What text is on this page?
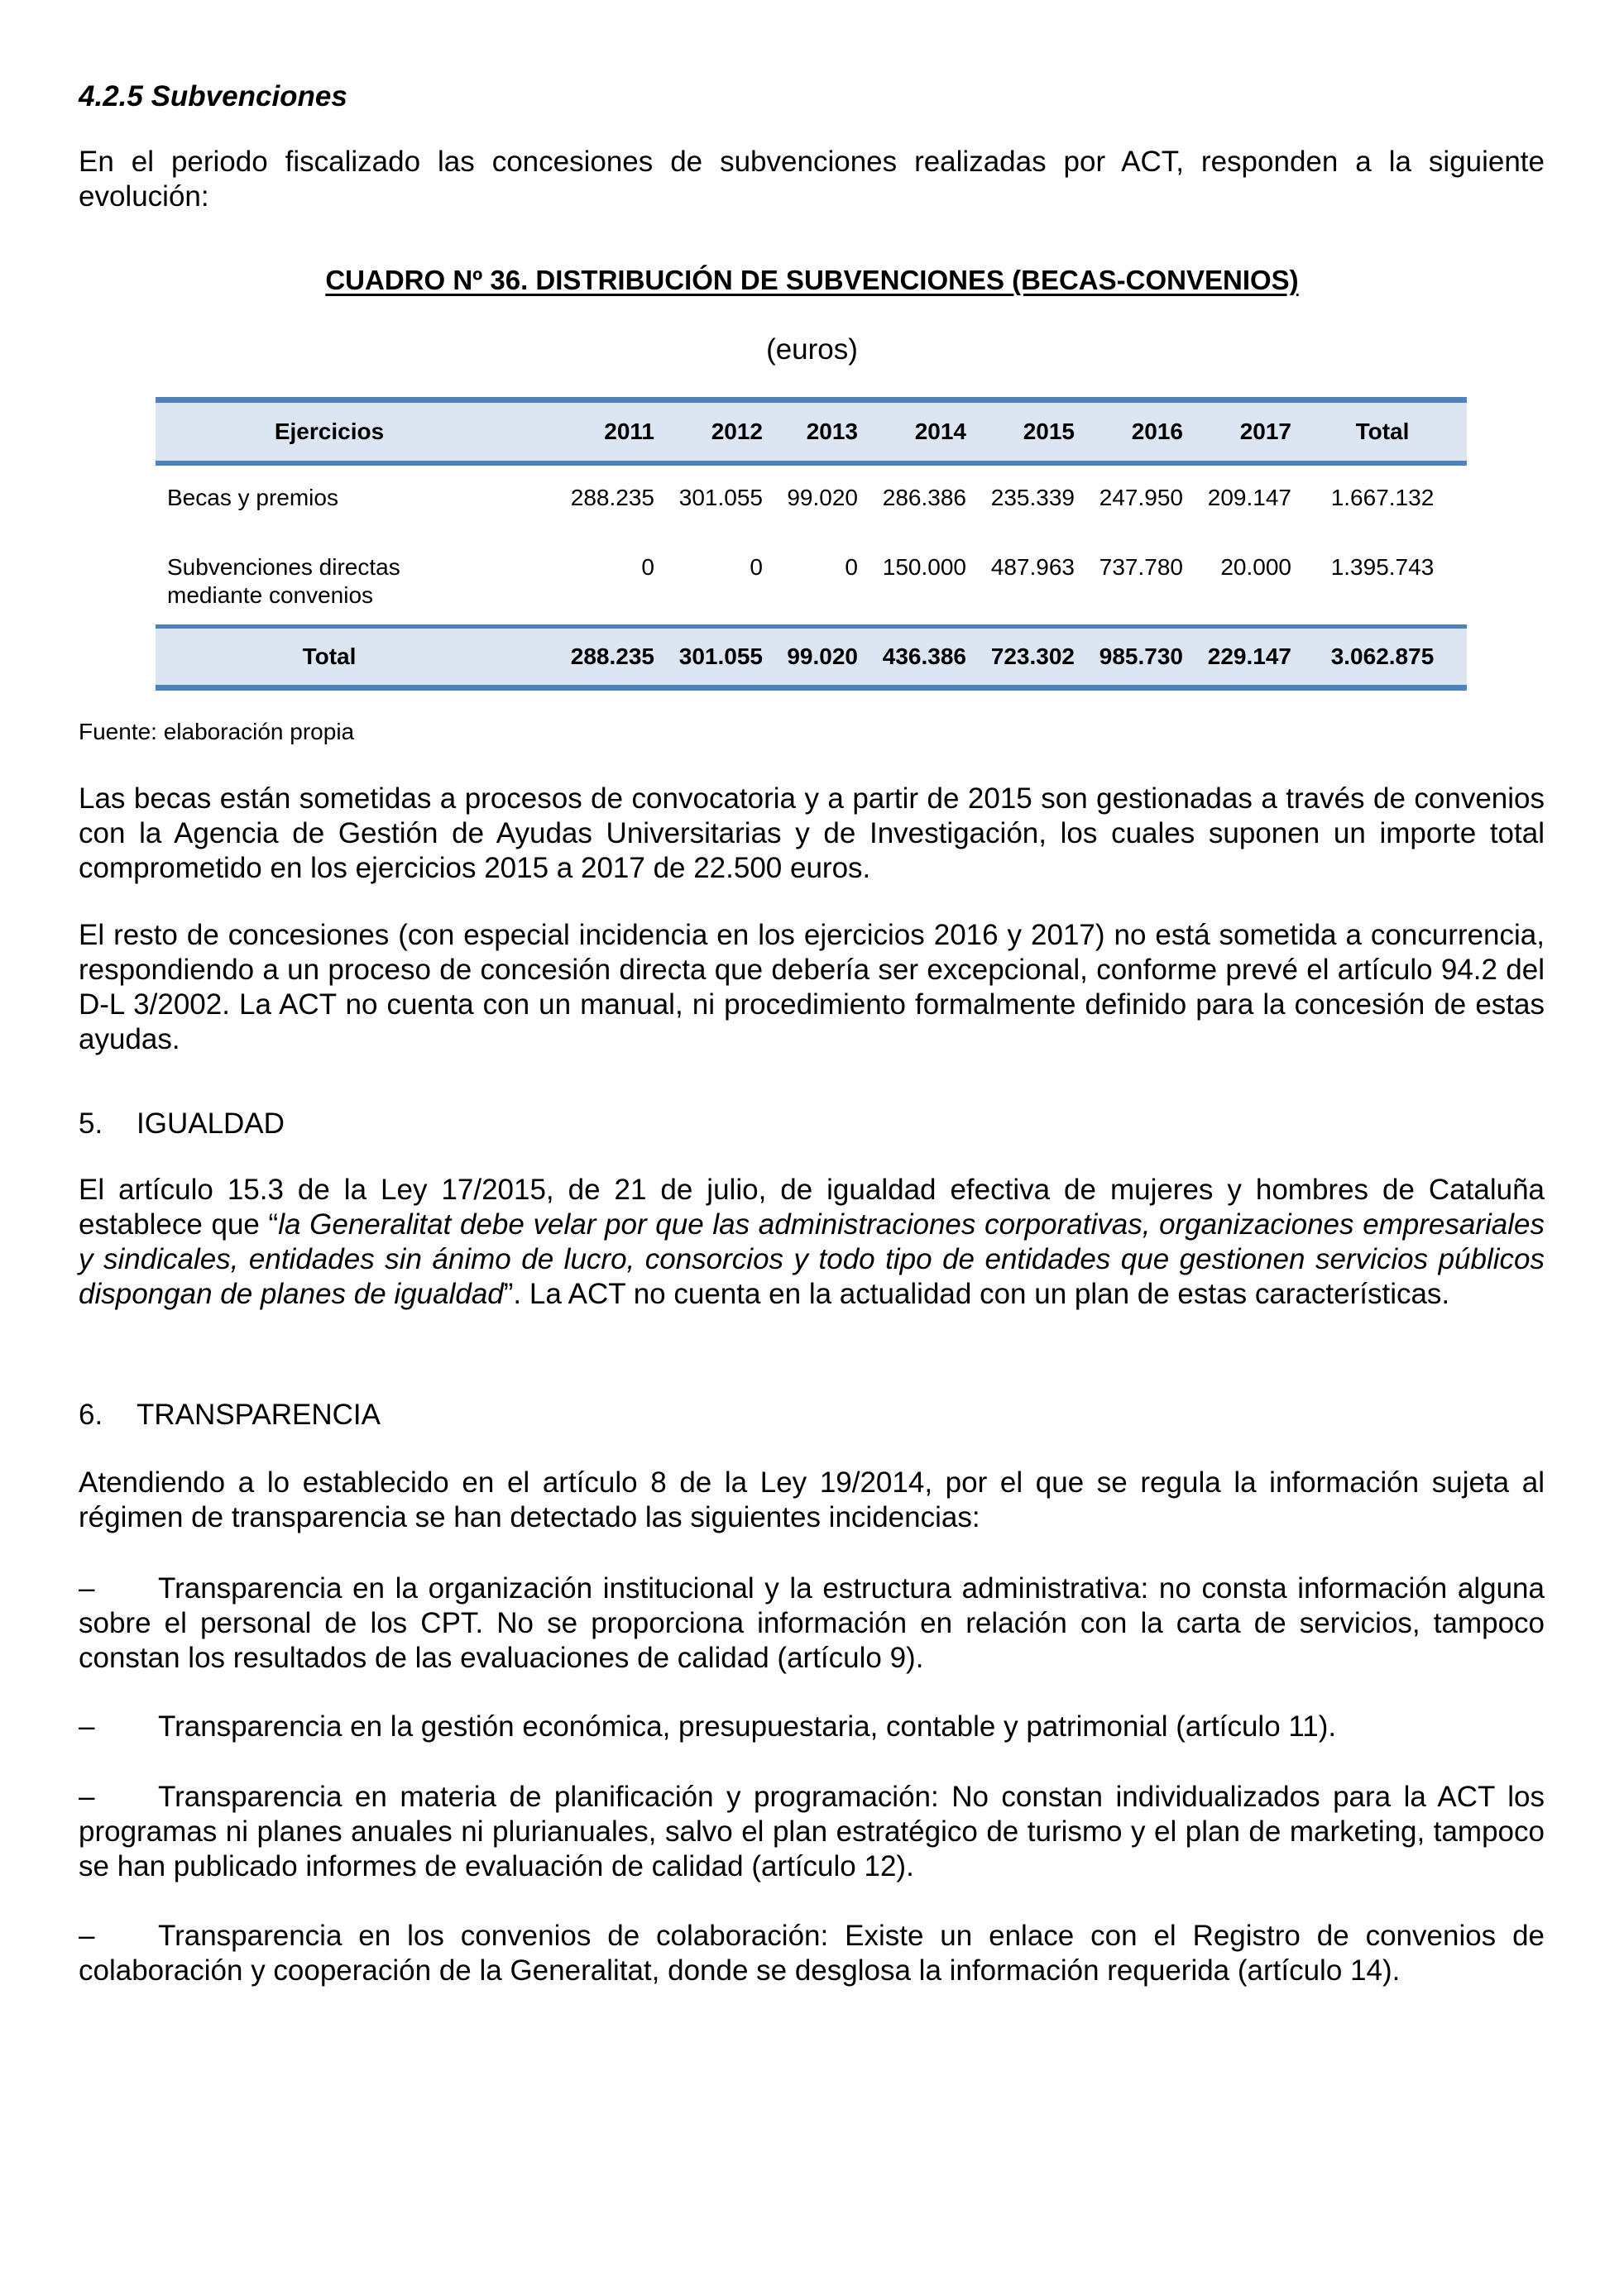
4.2.5 Subvenciones

En el periodo fiscalizado las concesiones de subvenciones realizadas por ACT, responden a la siguiente evolución:

CUADRO Nº 36. DISTRIBUCIÓN DE SUBVENCIONES (BECAS-CONVENIOS)

(euros)

Ejercicios	2011	2012	2013	2014	2015	2016	2017	Total
Becas y premios	288.235	301.055	99.020	286.386	235.339	247.950	209.147	1.667.132
Subvenciones directas mediante convenios	0	0	0	150.000	487.963	737.780	20.000	1.395.743
Total	288.235	301.055	99.020	436.386	723.302	985.730	229.147	3.062.875

Fuente: elaboración propia

Las becas están sometidas a procesos de convocatoria y a partir de 2015 son gestionadas a través de convenios con la Agencia de Gestión de Ayudas Universitarias y de Investigación, los cuales suponen un importe total comprometido en los ejercicios 2015 a 2017 de 22.500 euros.

El resto de concesiones (con especial incidencia en los ejercicios 2016 y 2017) no está sometida a concurrencia, respondiendo a un proceso de concesión directa que debería ser excepcional, conforme prevé el artículo 94.2 del D-L 3/2002. La ACT no cuenta con un manual, ni procedimiento formalmente definido para la concesión de estas ayudas.

5. IGUALDAD

El artículo 15.3 de la Ley 17/2015, de 21 de julio, de igualdad efectiva de mujeres y hombres de Cataluña establece que “la Generalitat debe velar por que las administraciones corporativas, organizaciones empresariales y sindicales, entidades sin ánimo de lucro, consorcios y todo tipo de entidades que gestionen servicios públicos dispongan de planes de igualdad”. La ACT no cuenta en la actualidad con un plan de estas características.

6. TRANSPARENCIA

Atendiendo a lo establecido en el artículo 8 de la Ley 19/2014, por el que se regula la información sujeta al régimen de transparencia se han detectado las siguientes incidencias:

– Transparencia en la organización institucional y la estructura administrativa: no consta información alguna sobre el personal de los CPT. No se proporciona información en relación con la carta de servicios, tampoco constan los resultados de las evaluaciones de calidad (artículo 9).

– Transparencia en la gestión económica, presupuestaria, contable y patrimonial (artículo 11).

– Transparencia en materia de planificación y programación: No constan individualizados para la ACT los programas ni planes anuales ni plurianuales, salvo el plan estratégico de turismo y el plan de marketing, tampoco se han publicado informes de evaluación de calidad (artículo 12).

– Transparencia en los convenios de colaboración: Existe un enlace con el Registro de convenios de colaboración y cooperación de la Generalitat, donde se desglosa la información requerida (artículo 14).
